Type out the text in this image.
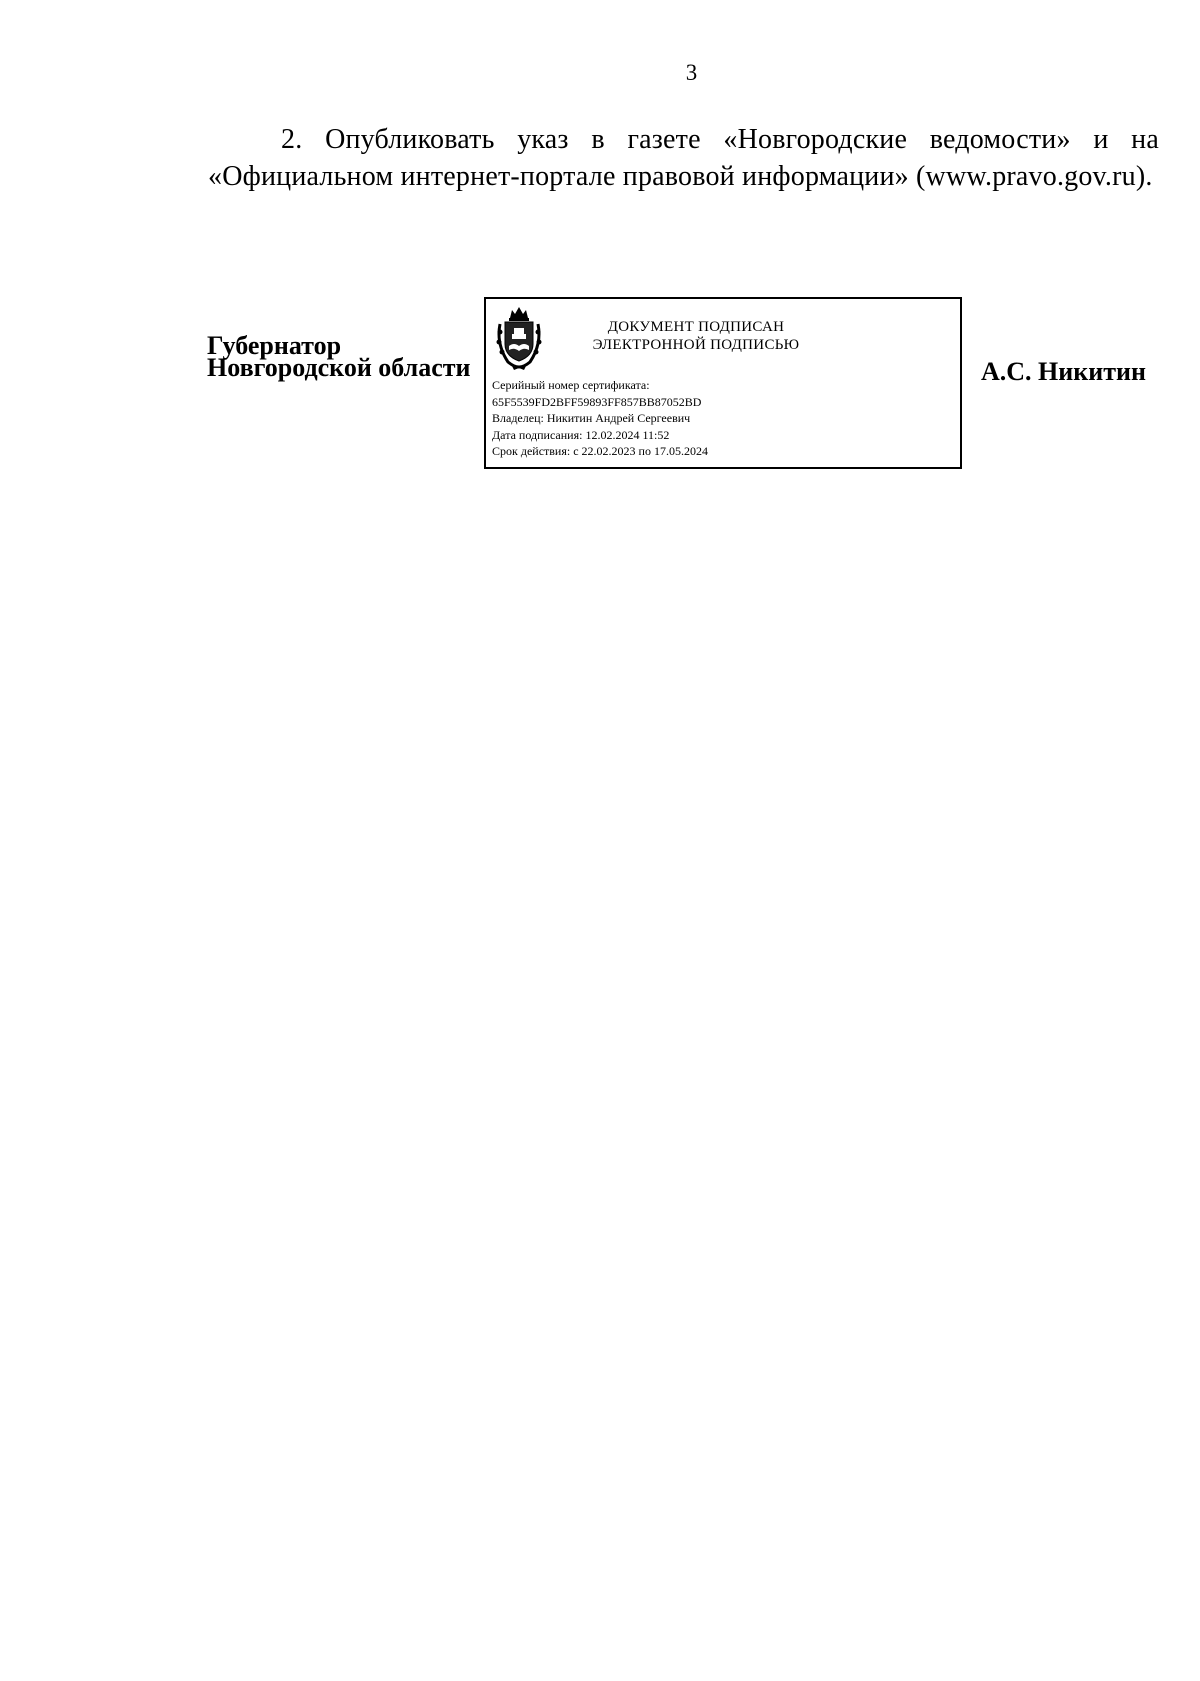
3

2. Опубликовать указ в газете «Новгородские ведомости» и на «Официальном интернет-портале правовой информации» (www.pravo.gov.ru).

Губернатор
Новгородской области
ДОКУМЕНТ ПОДПИСАН
ЭЛЕКТРОННОЙ ПОДПИСЬЮ
Серийный номер сертификата:
65F5539FD2BFF59893FF857BB87052BD
Владелец: Никитин Андрей Сергеевич
Дата подписания: 12.02.2024 11:52
Срок действия: с 22.02.2023 по 17.05.2024
А.С. Никитин
